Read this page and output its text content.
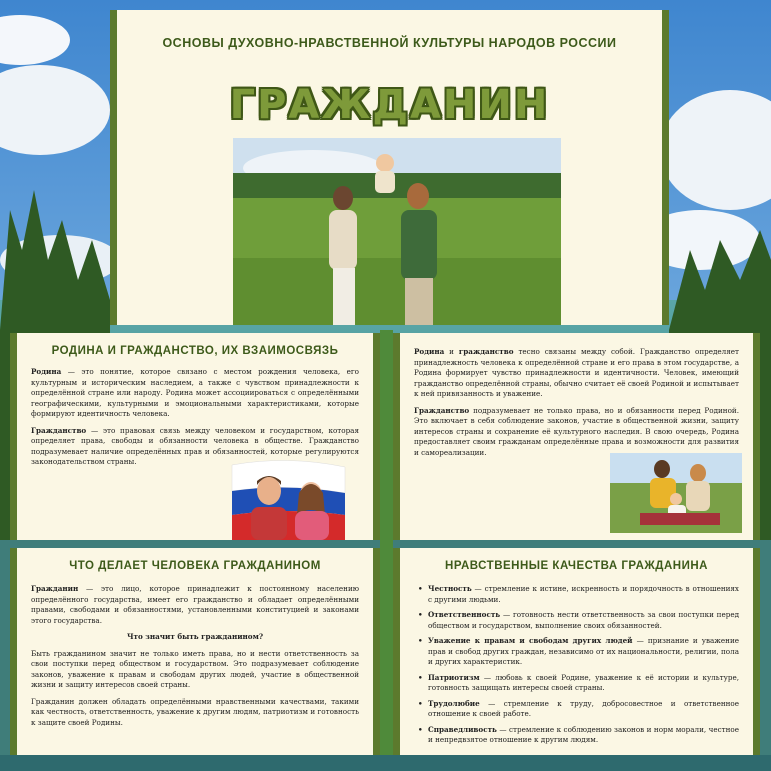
ОСНОВЫ ДУХОВНО-НРАВСТВЕННОЙ КУЛЬТУРЫ НАРОДОВ РОССИИ
ГРАЖДАНИН
РОДИНА И ГРАЖДАНСТВО, ИХ ВЗАИМОСВЯЗЬ

Родина — это понятие, которое связано с местом рождения человека, его культурным и историческим наследием, а также с чувством принадлежности к определённой стране или народу. Родина может ассоциироваться с определёнными географическими, культурными и эмоциональными характеристиками, которые формируют идентичность человека.

Гражданство — это правовая связь между человеком и государством, которая определяет права, свободы и обязанности человека в обществе. Гражданство подразумевает наличие определённых прав и обязанностей, которые регулируются законодательством страны.

Родина и гражданство тесно связаны между собой. Гражданство определяет принадлежность человека к определённой стране и его права в этом государстве, а Родина формирует чувство принадлежности и идентичности. Человек, имеющий гражданство определённой страны, обычно считает её своей Родиной и испытывает к ней привязанность и уважение.

Гражданство подразумевает не только права, но и обязанности перед Родиной. Это включает в себя соблюдение законов, участие в общественной жизни, защиту интересов страны и сохранение её культурного наследия. В свою очередь, Родина предоставляет своим гражданам определённые права и возможности для развития и самореализации.

ЧТО ДЕЛАЕТ ЧЕЛОВЕКА ГРАЖДАНИНОМ

Гражданин — это лицо, которое принадлежит к постоянному населению определённого государства, имеет его гражданство и обладает определёнными правами, свободами и обязанностями, установленными конституцией и законами этого государства.

Что значит быть гражданином?

Быть гражданином значит не только иметь права, но и нести ответственность за свои поступки перед обществом и государством. Это подразумевает соблюдение законов, уважение к правам и свободам других людей, участие в общественной жизни и защиту интересов своей страны.

Гражданин должен обладать определёнными нравственными качествами, такими как честность, ответственность, уважение к другим людям, патриотизм и готовность к защите своей Родины.

НРАВСТВЕННЫЕ КАЧЕСТВА ГРАЖДАНИНА
• Честность — стремление к истине, искренность и порядочность в отношениях с другими людьми.
• Ответственность — готовность нести ответственность за свои поступки перед обществом и государством, выполнение своих обязанностей.
• Уважение к правам и свободам других людей — признание и уважение прав и свобод других граждан, независимо от их национальности, религии, пола и других характеристик.
• Патриотизм — любовь к своей Родине, уважение к её истории и культуре, готовность защищать интересы своей страны.
• Трудолюбие — стремление к труду, добросовестное и ответственное отношение к своей работе.
• Справедливость — стремление к соблюдению законов и норм морали, честное и непредвзятое отношение к другим людям.
